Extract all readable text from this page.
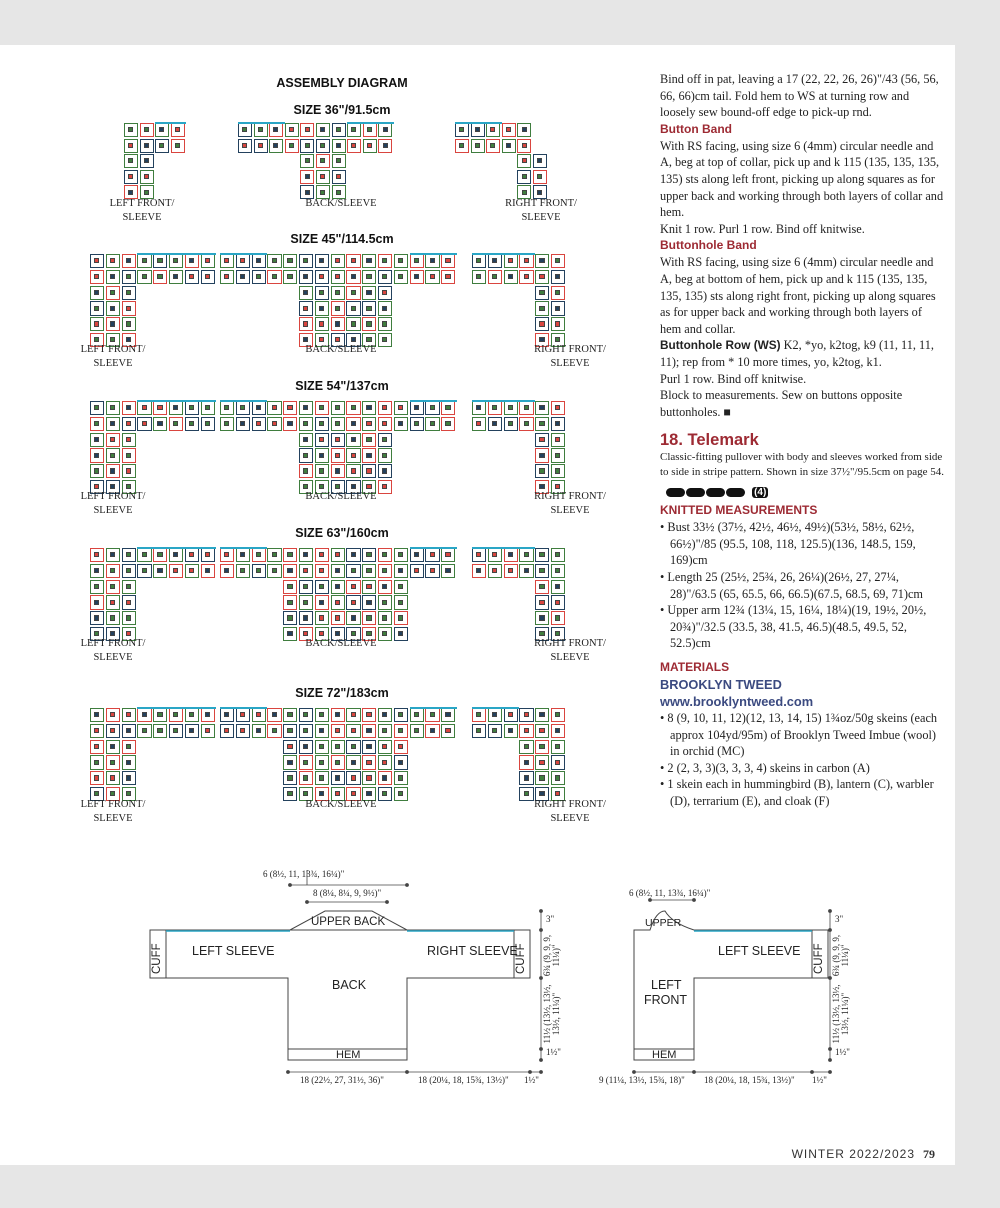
ASSEMBLY DIAGRAM
SIZE 36"/91.5cm
LEFT FRONT/
SLEEVE
BACK/SLEEVE	RIGHT FRONT/
SLEEVE
SIZE 45"/114.5cm
LEFT FRONT/
SLEEVE
BACK/SLEEVE	RIGHT FRONT/
SLEEVE
SIZE 54"/137cm
LEFT FRONT/
SLEEVE
BACK/SLEEVE	RIGHT FRONT/
SLEEVE
SIZE 63"/160cm
LEFT FRONT/
SLEEVE
BACK/SLEEVE	RIGHT FRONT/
SLEEVE
SIZE 72"/183cm
LEFT FRONT/
SLEEVE
BACK/SLEEVE	RIGHT FRONT/
SLEEVE

Bind off in pat, leaving a 17 (22, 22, 26, 26)"/43 (56, 56, 66, 66)cm tail. Fold hem to WS at turning row and loosely sew bound-off edge to pick-up rnd.

Button Band

With RS facing, using size 6 (4mm) circular needle and A, beg at top of collar, pick up and k 115 (135, 135, 135, 135) sts along left front, picking up along squares as for upper back and working through both layers of collar and hem.

Knit 1 row. Purl 1 row. Bind off knitwise.

Buttonhole Band

With RS facing, using size 6 (4mm) circular needle and A, beg at bottom of hem, pick up and k 115 (135, 135, 135, 135) sts along right front, picking up along squares as for upper back and working through both layers of hem and collar.

Buttonhole Row (WS) K2, *yo, k2tog, k9 (11, 11, 11, 11); rep from * 10 more times, yo, k2tog, k1.

Purl 1 row. Bind off knitwise.

Block to measurements. Sew on buttons opposite buttonholes. ■

18. Telemark

Classic-fitting pullover with body and sleeves worked from side to side in stripe pattern. Shown in size 37½"/95.5cm on page 54.

(4)

KNITTED MEASUREMENTS

• Bust 33½ (37½, 42½, 46½, 49½)(53½, 58½, 62½, 66½)"/85 (95.5, 108, 118, 125.5)(136, 148.5, 159, 169)cm

• Length 25 (25½, 25¾, 26, 26¼)(26½, 27, 27¼, 28)"/63.5 (65, 65.5, 66, 66.5)(67.5, 68.5, 69, 71)cm

• Upper arm 12¾ (13¼, 15, 16¼, 18¼)(19, 19½, 20½, 20¾)"/32.5 (33.5, 38, 41.5, 46.5)(48.5, 49.5, 52, 52.5)cm

MATERIALS

BROOKLYN TWEED

www.brooklyntweed.com

• 8 (9, 10, 11, 12)(12, 13, 14, 15) 1¾oz/50g skeins (each approx 104yd/95m) of Brooklyn Tweed Imbue (wool) in orchid (MC)

• 2 (2, 3, 3)(3, 3, 3, 4) skeins in carbon (A)

• 1 skein each in hummingbird (B), lantern (C), warbler (D), terrarium (E), and cloak (F)

CUFF	CUFF
UPPER BACK
LEFT SLEEVE	RIGHT SLEEVE
BACK
HEM
6 (8½, 11, 13¾, 16¼)"
8 (8¼, 8¼, 9, 9½)"
3"
1½"
6¾ (9, 9, 9, 11¼)"
11½ (13½, 13½, 13½, 11¼)"
18 (22½, 27, 31½, 36)"	18 (20¼, 18, 15¾, 13½)" 1½"
UPPER
LEFT SLEEVE
LEFT
FRONT
CUFF
HEM
6 (8½, 11, 13¾, 16¼)"
3"
1½"
6¾ (9, 9, 9, 11¼)"
11½ (13½, 13½, 13½, 11¼)"
9 (11¼, 13½, 15¾, 18)" 18 (20¼, 18, 15¾, 13½)" 1½"
WINTER 2022/2023 79
